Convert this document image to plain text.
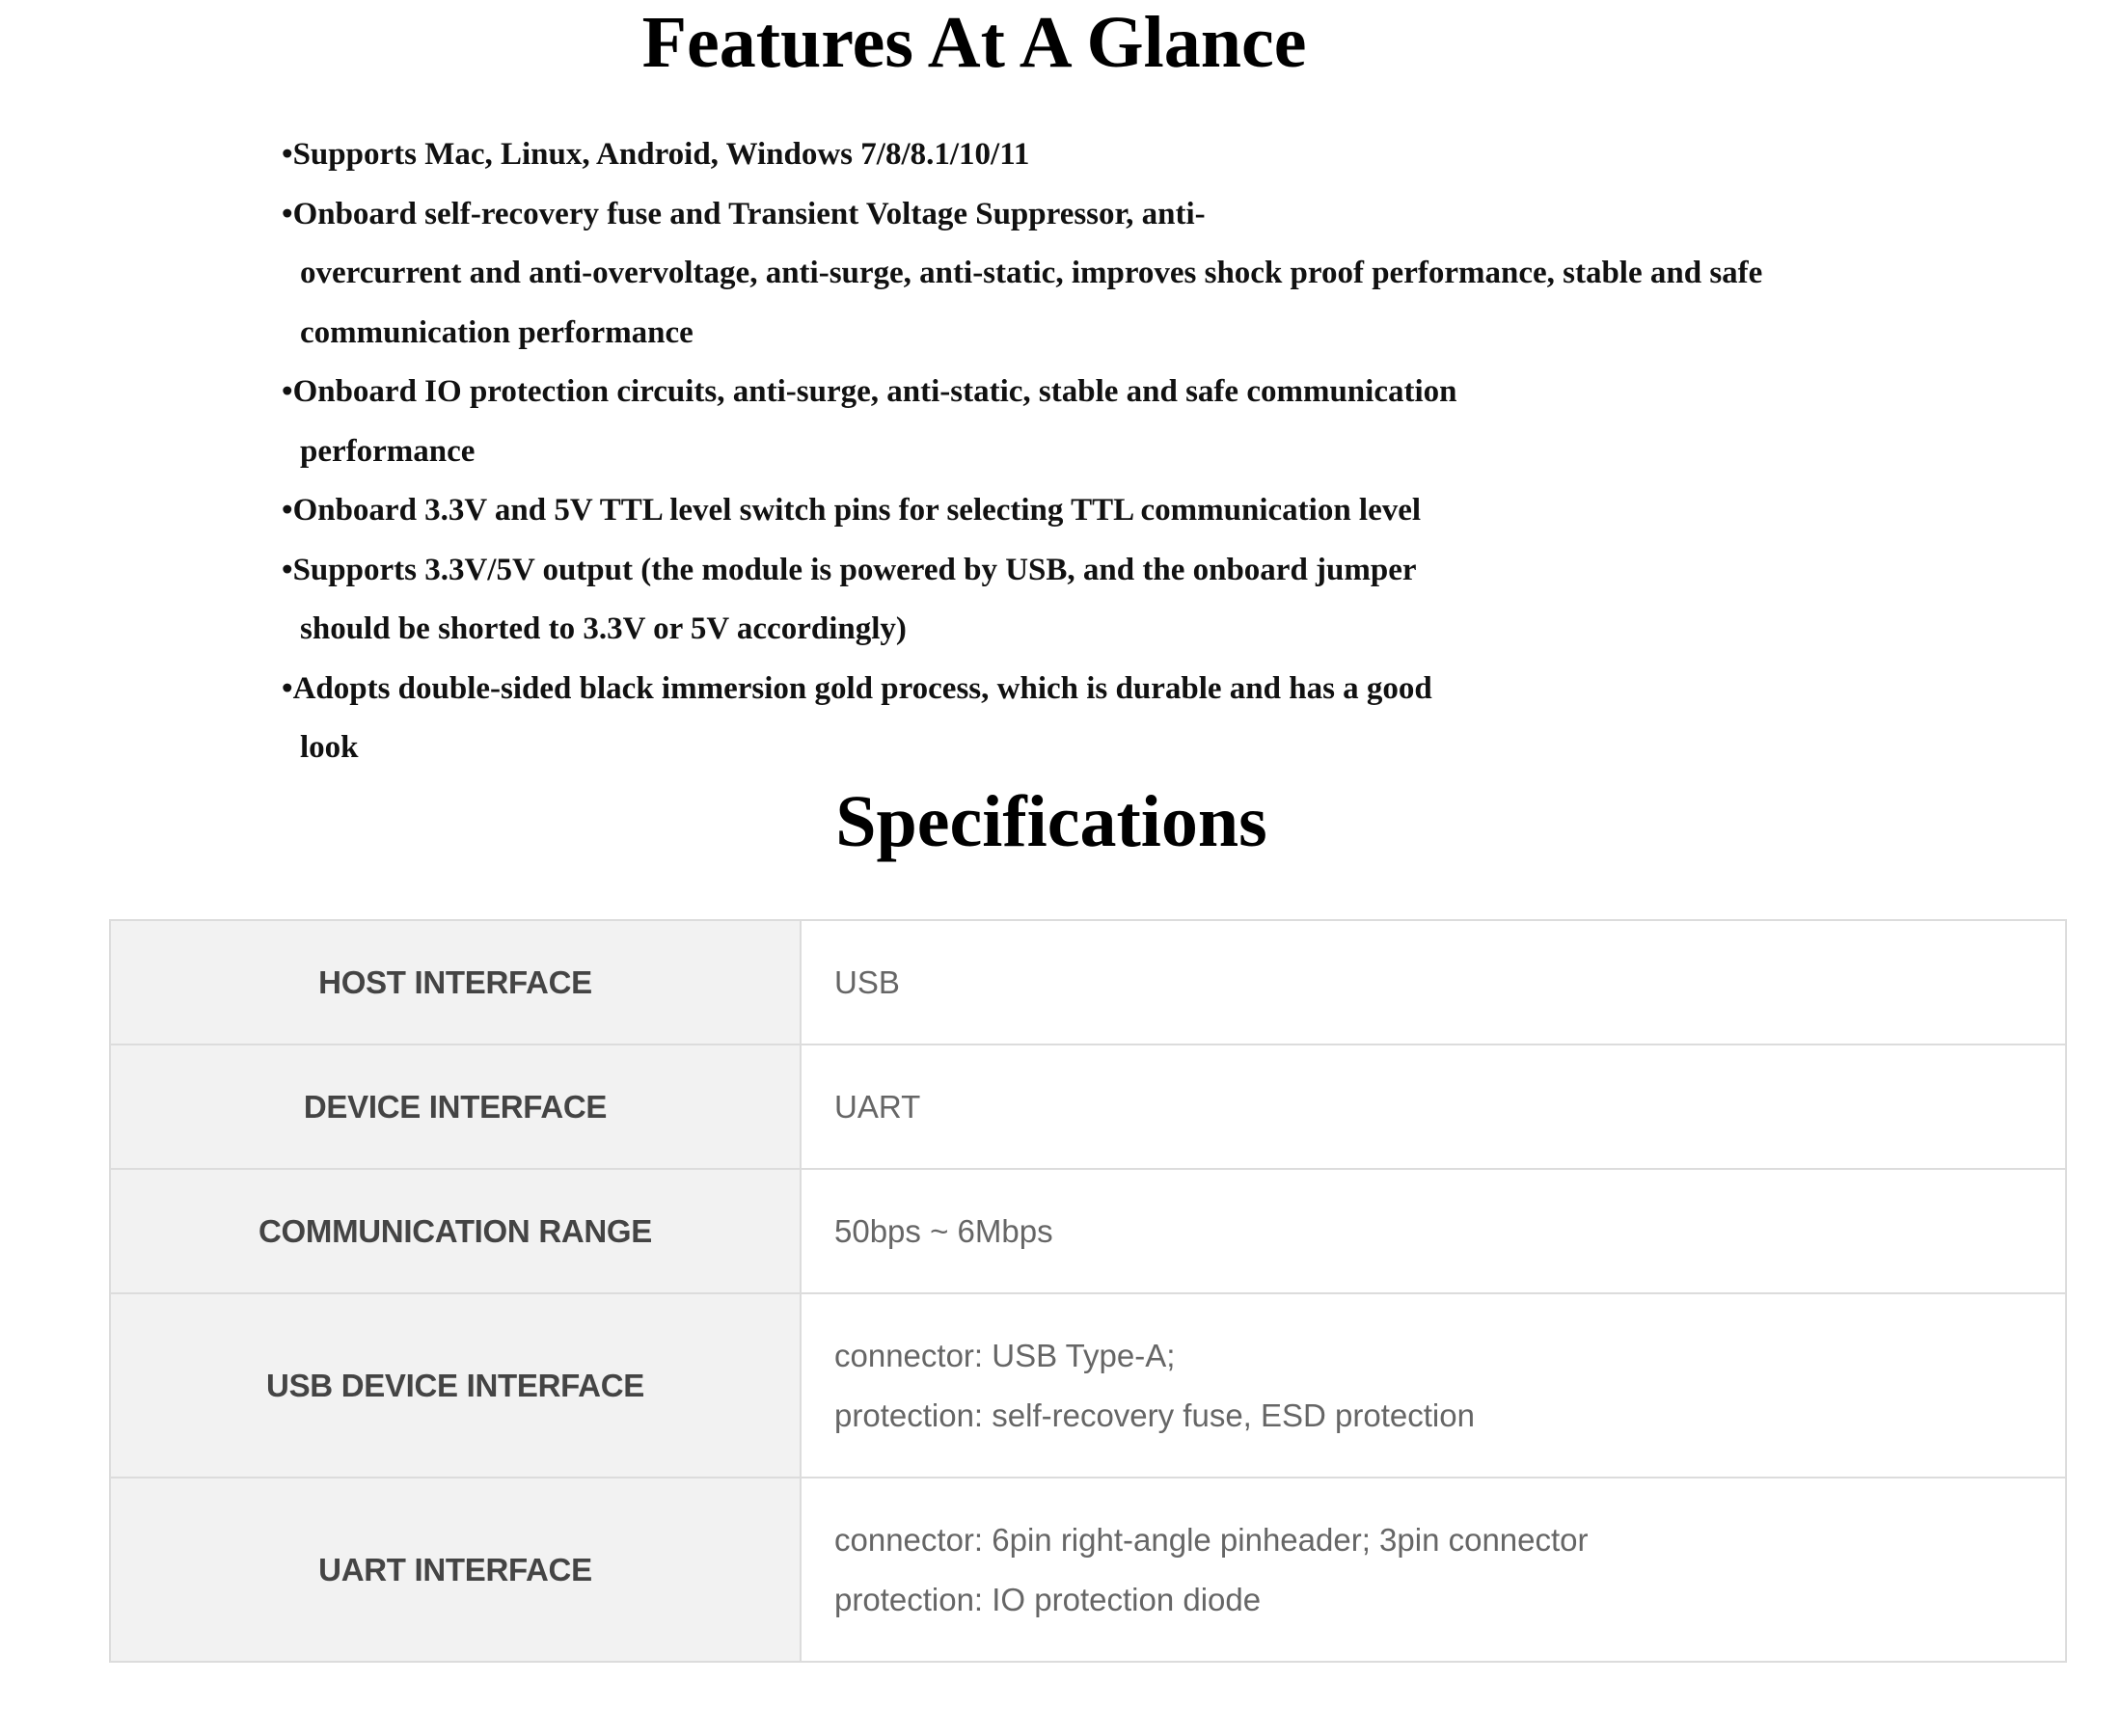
Features At A Glance
•Supports Mac, Linux, Android, Windows 7/8/8.1/10/11
•Onboard self-recovery fuse and Transient Voltage Suppressor, anti-
overcurrent and anti-overvoltage, anti-surge, anti-static, improves shock proof performance, stable and safe
communication performance
•Onboard IO protection circuits, anti-surge, anti-static, stable and safe communication
performance
•Onboard 3.3V and 5V TTL level switch pins for selecting TTL communication level
•Supports 3.3V/5V output (the module is powered by USB, and the onboard jumper
should be shorted to 3.3V or 5V accordingly)
•Adopts double-sided black immersion gold process, which is durable and has a good
look
Specifications
HOST INTERFACE	USB

DEVICE INTERFACE	UART

COMMUNICATION RANGE	50bps ~ 6Mbps

USB DEVICE INTERFACE	connector: USB Type-A;
protection: self-recovery fuse, ESD protection

UART INTERFACE	connector: 6pin right-angle pinheader; 3pin connector
protection: IO protection diode
